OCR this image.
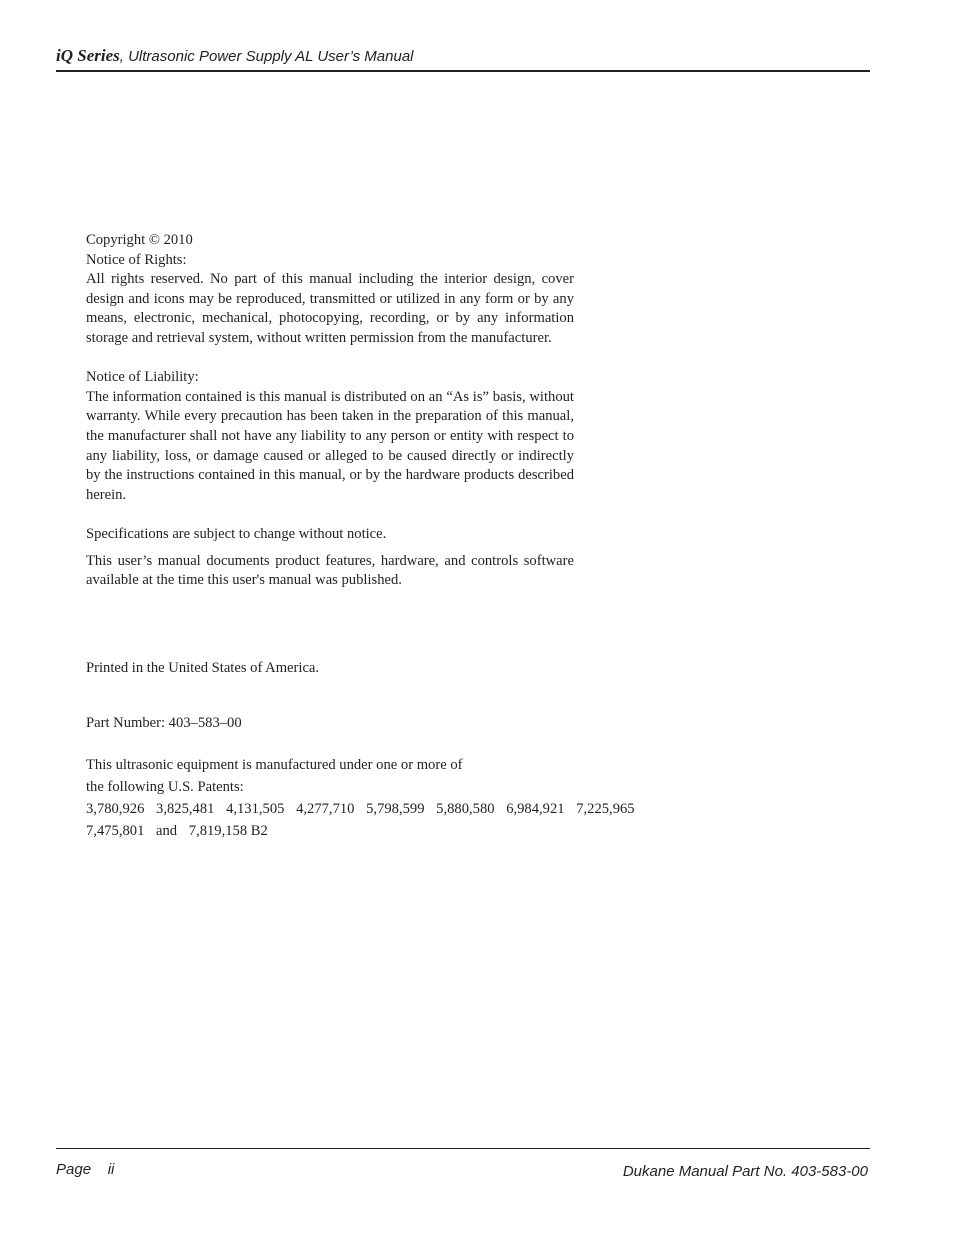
iQ Series, Ultrasonic Power Supply AL User’s Manual

Copyright © 2010

Notice of Rights:

All rights reserved. No part of this manual including the interior design, cover design and icons may be reproduced, transmitted or utilized in any form or by any means, electronic, mechanical, photocopying, recording, or by any information storage and retrieval system, without written permission from the manufacturer.

Notice of Liability:

The information contained is this manual is distributed on an “As is” basis, without warranty. While every precaution has been taken in the preparation of this manual, the manufacturer shall not have any liability to any person or entity with respect to any liability, loss, or damage caused or alleged to be caused directly or indirectly by the instructions contained in this manual, or by the hardware products described herein.

Specifications are subject to change without notice.

This user’s manual documents product features, hardware, and controls software available at the time this user's manual was published.

Printed in the United States of America.

Part Number: 403–583–00

This ultrasonic equipment is manufactured under one or more of
the following U.S. Patents:
3,780,926 3,825,481 4,131,505 4,277,710 5,798,599 5,880,580 6,984,921 7,225,965
7,475,801 and 7,819,158 B2
Page    ii	Dukane Manual Part No. 403-583-00
